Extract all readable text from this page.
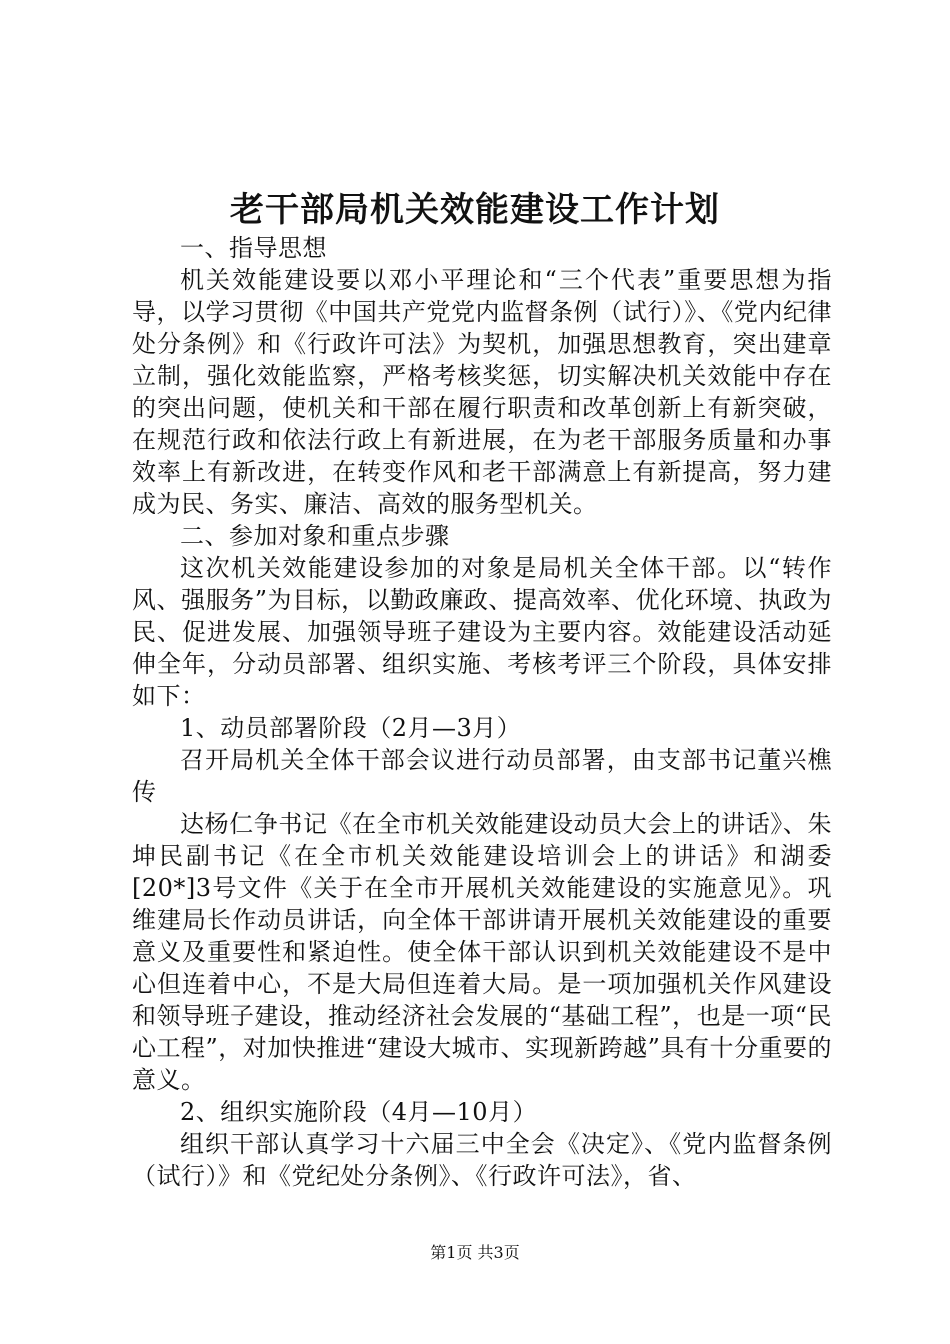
老干部局机关效能建设工作计划

一、指导思想

机关效能建设要以邓小平理论和“三个代表”重要思想为指导，以学习贯彻《中国共产党党内监督条例（试行）》、《党内纪律处分条例》和《行政许可法》为契机，加强思想教育，突出建章立制，强化效能监察，严格考核奖惩，切实解决机关效能中存在的突出问题，使机关和干部在履行职责和改革创新上有新突破，在规范行政和依法行政上有新进展，在为老干部服务质量和办事效率上有新改进，在转变作风和老干部满意上有新提高，努力建成为民、务实、廉洁、高效的服务型机关。

二、参加对象和重点步骤

这次机关效能建设参加的对象是局机关全体干部。以“转作风、强服务”为目标，以勤政廉政、提高效率、优化环境、执政为民、促进发展、加强领导班子建设为主要内容。效能建设活动延伸全年，分动员部署、组织实施、考核考评三个阶段，具体安排如下：

1、动员部署阶段（2月—3月）

召开局机关全体干部会议进行动员部署，由支部书记董兴樵传

达杨仁争书记《在全市机关效能建设动员大会上的讲话》、朱坤民副书记《在全市机关效能建设培训会上的讲话》和湖委[20*]3号文件《关于在全市开展机关效能建设的实施意见》。巩维建局长作动员讲话，向全体干部讲请开展机关效能建设的重要意义及重要性和紧迫性。使全体干部认识到机关效能建设不是中心但连着中心，不是大局但连着大局。是一项加强机关作风建设和领导班子建设，推动经济社会发展的“基础工程”，也是一项“民心工程”，对加快推进“建设大城市、实现新跨越”具有十分重要的意义。

2、组织实施阶段（4月—10月）

组织干部认真学习十六届三中全会《决定》、《党内监督条例（试行）》和《党纪处分条例》、《行政许可法》，省、

第1页 共3页
